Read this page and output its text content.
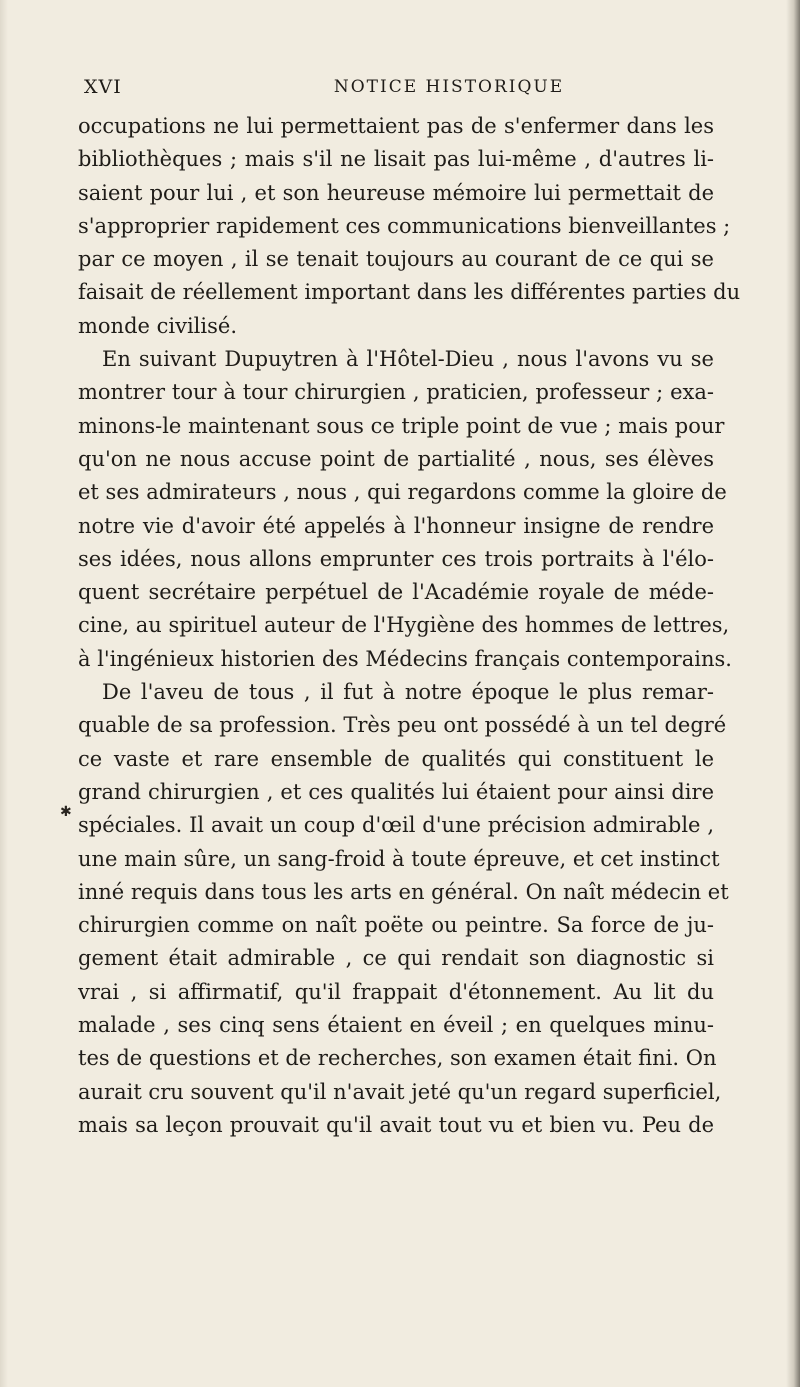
XVI	NOTICE HISTORIQUE
✱
occupations ne lui permettaient pas de s'enfermer dans les
bibliothèques ; mais s'il ne lisait pas lui-même , d'autres li-
saient pour lui , et son heureuse mémoire lui permettait de
s'approprier rapidement ces communications bienveillantes ;
par ce moyen , il se tenait toujours au courant de ce qui se
faisait de réellement important dans les différentes parties du
monde civilisé.
En suivant Dupuytren à l'Hôtel-Dieu , nous l'avons vu se
montrer tour à tour chirurgien , praticien, professeur ; exa-
minons-le maintenant sous ce triple point de vue ; mais pour
qu'on ne nous accuse point de partialité , nous, ses élèves
et ses admirateurs , nous , qui regardons comme la gloire de
notre vie d'avoir été appelés à l'honneur insigne de rendre
ses idées, nous allons emprunter ces trois portraits à l'élo-
quent secrétaire perpétuel de l'Académie royale de méde-
cine, au spirituel auteur de l'Hygiène des hommes de lettres,
à l'ingénieux historien des Médecins français contemporains.
De l'aveu de tous , il fut à notre époque le plus remar-
quable de sa profession. Très peu ont possédé à un tel degré
ce vaste et rare ensemble de qualités qui constituent le
grand chirurgien , et ces qualités lui étaient pour ainsi dire
spéciales. Il avait un coup d'œil d'une précision admirable ,
une main sûre, un sang-froid à toute épreuve, et cet instinct
inné requis dans tous les arts en général. On naît médecin et
chirurgien comme on naît poëte ou peintre. Sa force de ju-
gement était admirable , ce qui rendait son diagnostic si
vrai , si affirmatif, qu'il frappait d'étonnement. Au lit du
malade , ses cinq sens étaient en éveil ; en quelques minu-
tes de questions et de recherches, son examen était fini. On
aurait cru souvent qu'il n'avait jeté qu'un regard superficiel,
mais sa leçon prouvait qu'il avait tout vu et bien vu. Peu de
